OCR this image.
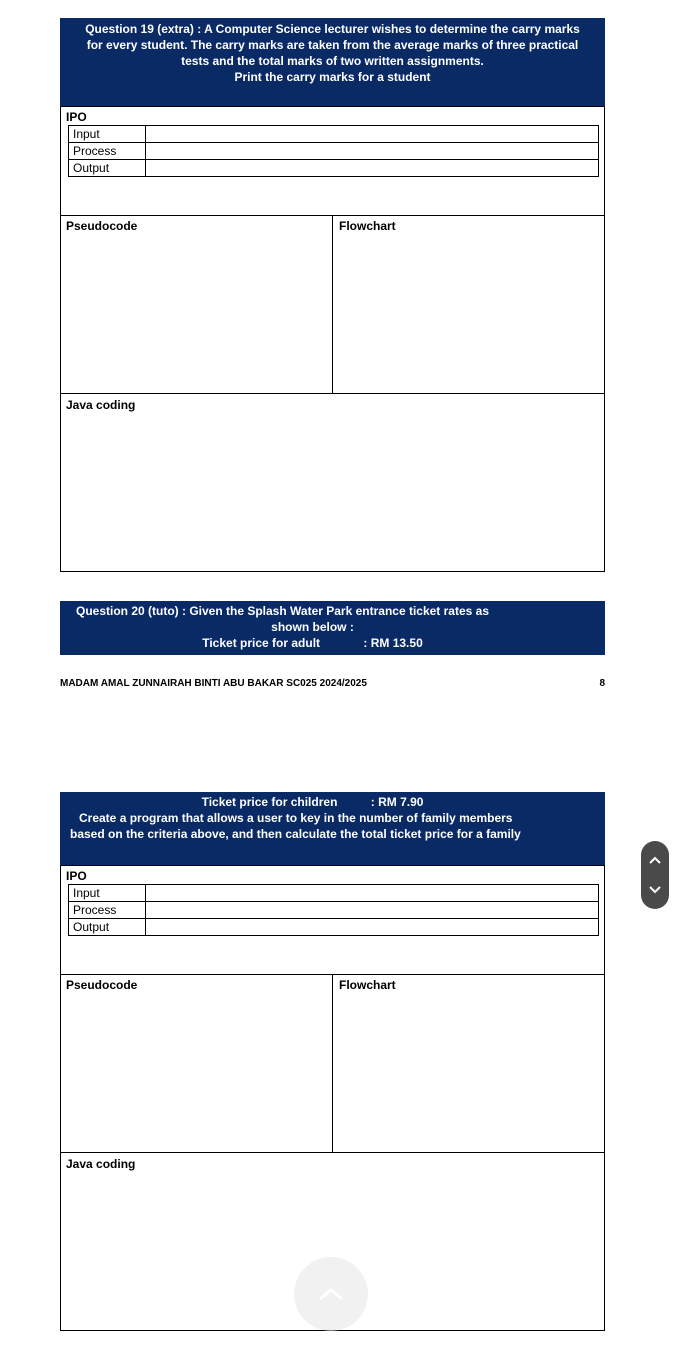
Question 19 (extra) : A Computer Science lecturer wishes to determine the carry marks
for every student. The carry marks are taken from the average marks of three practical
tests and the total marks of two written assignments.
Print the carry marks for a student
IPO
Input	
Process	
Output	
Pseudocode	Flowchart
Java coding
Question 20 (tuto) : Given the Splash Water Park entrance ticket rates as
shown below :
Ticket price for adult             : RM 13.50
MADAM AMAL ZUNNAIRAH BINTI ABU BAKAR SC025 2024/2025	8
Ticket price for children          : RM 7.90
Create a program that allows a user to key in the number of family members
based on the criteria above, and then calculate the total ticket price for a family
IPO
Input	
Process	
Output	
Pseudocode	Flowchart
Java coding
